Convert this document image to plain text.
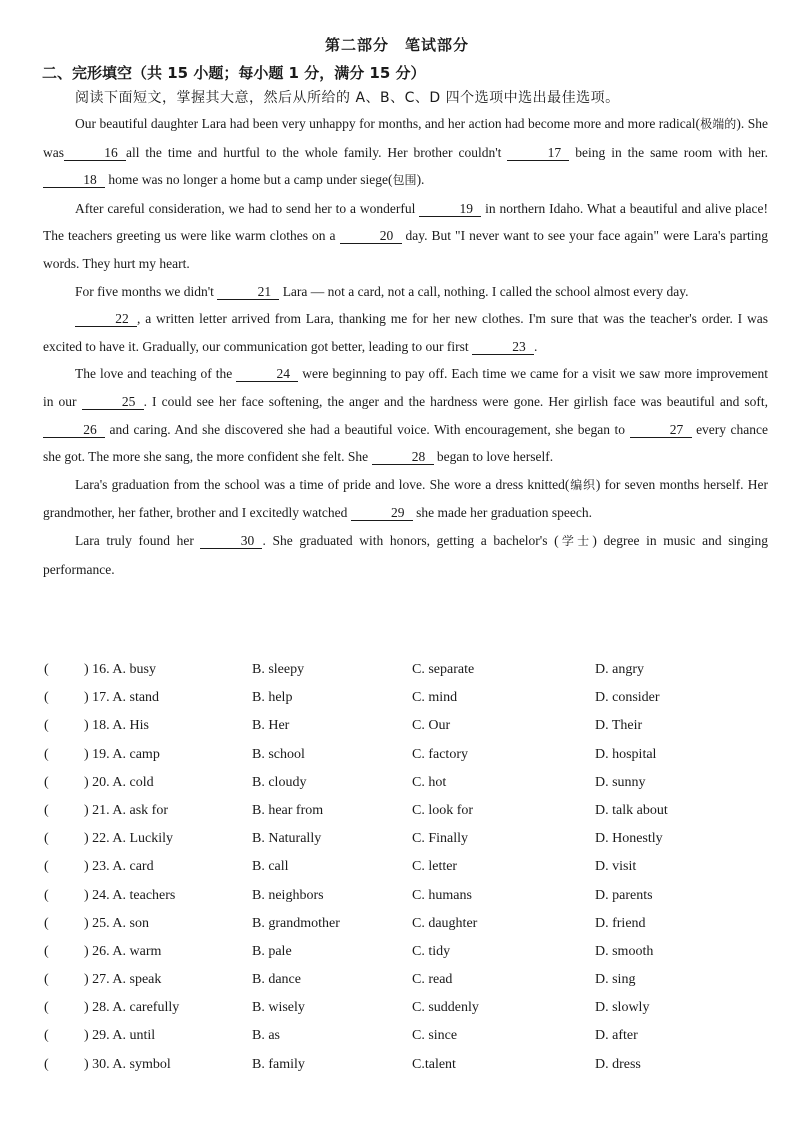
第二部分　笔试部分
二、完形填空（共 15 小题；每小题 1 分，满分 15 分）
阅读下面短文，掌握其大意，然后从所给的 A、B、C、D 四个选项中选出最佳选项。

Our beautiful daughter Lara had been very unhappy for months, and her action had become more and more radical(极端的). She was	16 all the time and hurtful to the whole family. Her brother couldn't	17 being in the same room with her. 18 home was no longer a home but a camp under siege(包围).

After careful consideration, we had to send her to a wonderful	19 in northern Idaho. What a beautiful and alive place! The teachers greeting us were like warm clothes on a	20 day. But "I never want to see your face again" were Lara's parting words. They hurt my heart.

For five months we didn't	21 Lara — not a card, not a call, nothing. I called the school almost every day.

22 , a written letter arrived from Lara, thanking me for her new clothes. I'm sure that was the teacher's order. I was excited to have it. Gradually, our communication got better, leading to our first	23 .

The love and teaching of the	24 were beginning to pay off. Each time we came for a visit we saw more improvement in our	25 . I could see her face softening, the anger and the hardness were gone. Her girlish face was beautiful and soft, 26 and caring. And she discovered she had a beautiful voice. With encouragement, she began to	27 every chance she got. The more she sang, the more confident she felt. She	28 began to love herself.

Lara's graduation from the school was a time of pride and love. She wore a dress knitted(编织) for seven months herself. Her grandmother, her father, brother and I excitedly watched	29 she made her graduation speech.

Lara truly found her	30 . She graduated with honors, getting a bachelor's (学士) degree in music and singing performance.

(	) 16. A. busy	B. sleepy	C. separate	D. angry
(	) 17. A. stand	B. help	C. mind	D. consider
(	) 18. A. His	B. Her	C. Our	D. Their
(	) 19. A. camp	B. school	C. factory	D. hospital
(	) 20. A. cold	B. cloudy	C. hot	D. sunny
(	) 21. A. ask for	B. hear from	C. look for	D. talk about
(	) 22. A. Luckily	B. Naturally	C. Finally	D. Honestly
(	) 23. A. card	B. call	C. letter	D. visit
(	) 24. A. teachers	B. neighbors	C. humans	D. parents
(	) 25. A. son	B. grandmother	C. daughter	D. friend
(	) 26. A. warm	B. pale	C. tidy	D. smooth
(	) 27. A. speak	B. dance	C. read	D. sing
(	) 28. A. carefully	B. wisely	C. suddenly	D. slowly
(	) 29. A. until	B. as	C. since	D. after
(	) 30. A. symbol	B. family	C.talent	D. dress
